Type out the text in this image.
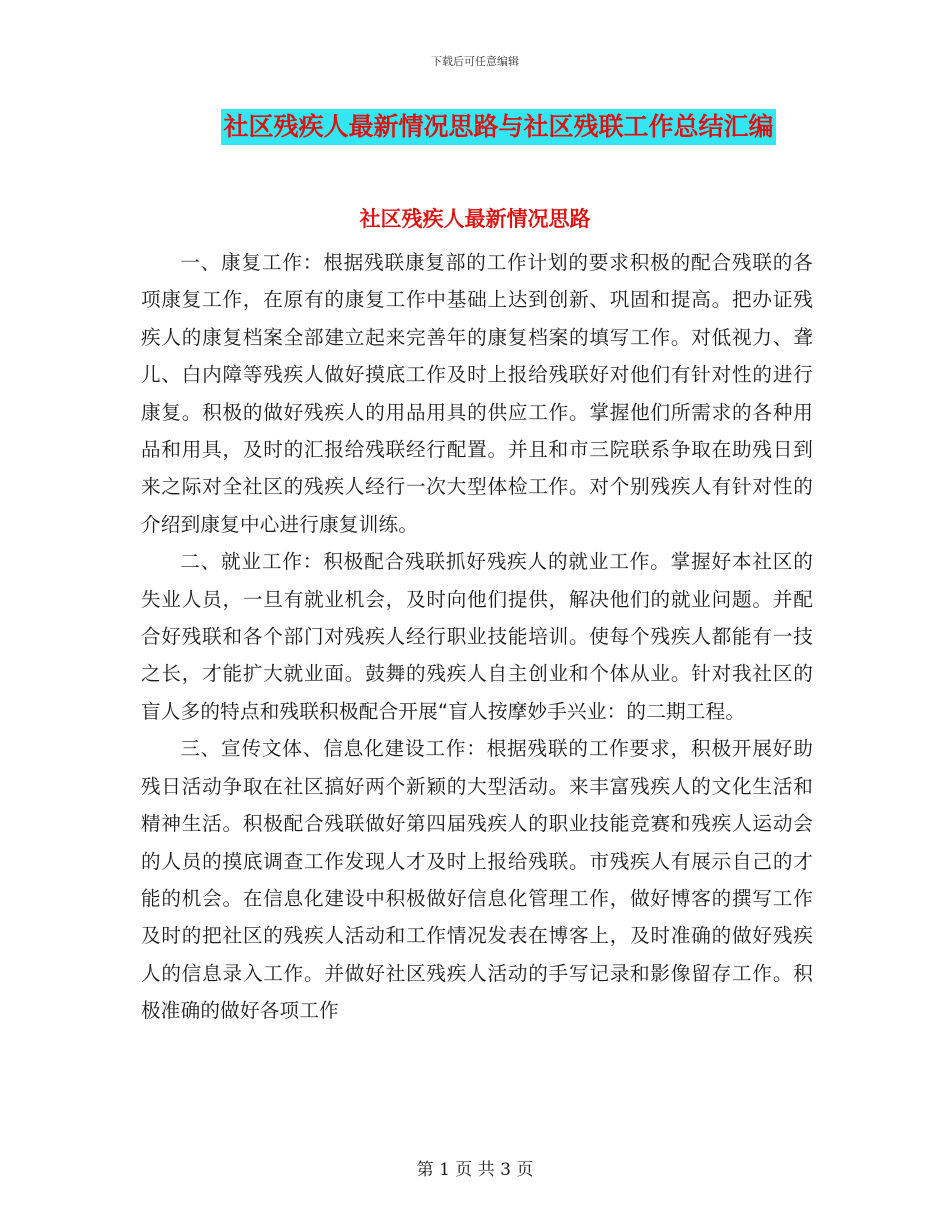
下载后可任意编辑
社区残疾人最新情况思路与社区残联工作总结汇编
社区残疾人最新情况思路

一、康复工作：根据残联康复部的工作计划的要求积极的配合残联的各项康复工作，在原有的康复工作中基础上达到创新、巩固和提高。把办证残疾人的康复档案全部建立起来完善年的康复档案的填写工作。对低视力、聋儿、白内障等残疾人做好摸底工作及时上报给残联好对他们有针对性的进行康复。积极的做好残疾人的用品用具的供应工作。掌握他们所需求的各种用品和用具，及时的汇报给残联经行配置。并且和市三院联系争取在助残日到来之际对全社区的残疾人经行一次大型体检工作。对个别残疾人有针对性的介绍到康复中心进行康复训练。

二、就业工作：积极配合残联抓好残疾人的就业工作。掌握好本社区的失业人员，一旦有就业机会，及时向他们提供，解决他们的就业问题。并配合好残联和各个部门对残疾人经行职业技能培训。使每个残疾人都能有一技之长，才能扩大就业面。鼓舞的残疾人自主创业和个体从业。针对我社区的盲人多的特点和残联积极配合开展“盲人按摩妙手兴业：的二期工程。

三、宣传文体、信息化建设工作：根据残联的工作要求，积极开展好助残日活动争取在社区搞好两个新颖的大型活动。来丰富残疾人的文化生活和精神生活。积极配合残联做好第四届残疾人的职业技能竞赛和残疾人运动会的人员的摸底调查工作发现人才及时上报给残联。市残疾人有展示自己的才能的机会。在信息化建设中积极做好信息化管理工作，做好博客的撰写工作及时的把社区的残疾人活动和工作情况发表在博客上，及时准确的做好残疾人的信息录入工作。并做好社区残疾人活动的手写记录和影像留存工作。积极准确的做好各项工作

第 1 页 共 3 页
